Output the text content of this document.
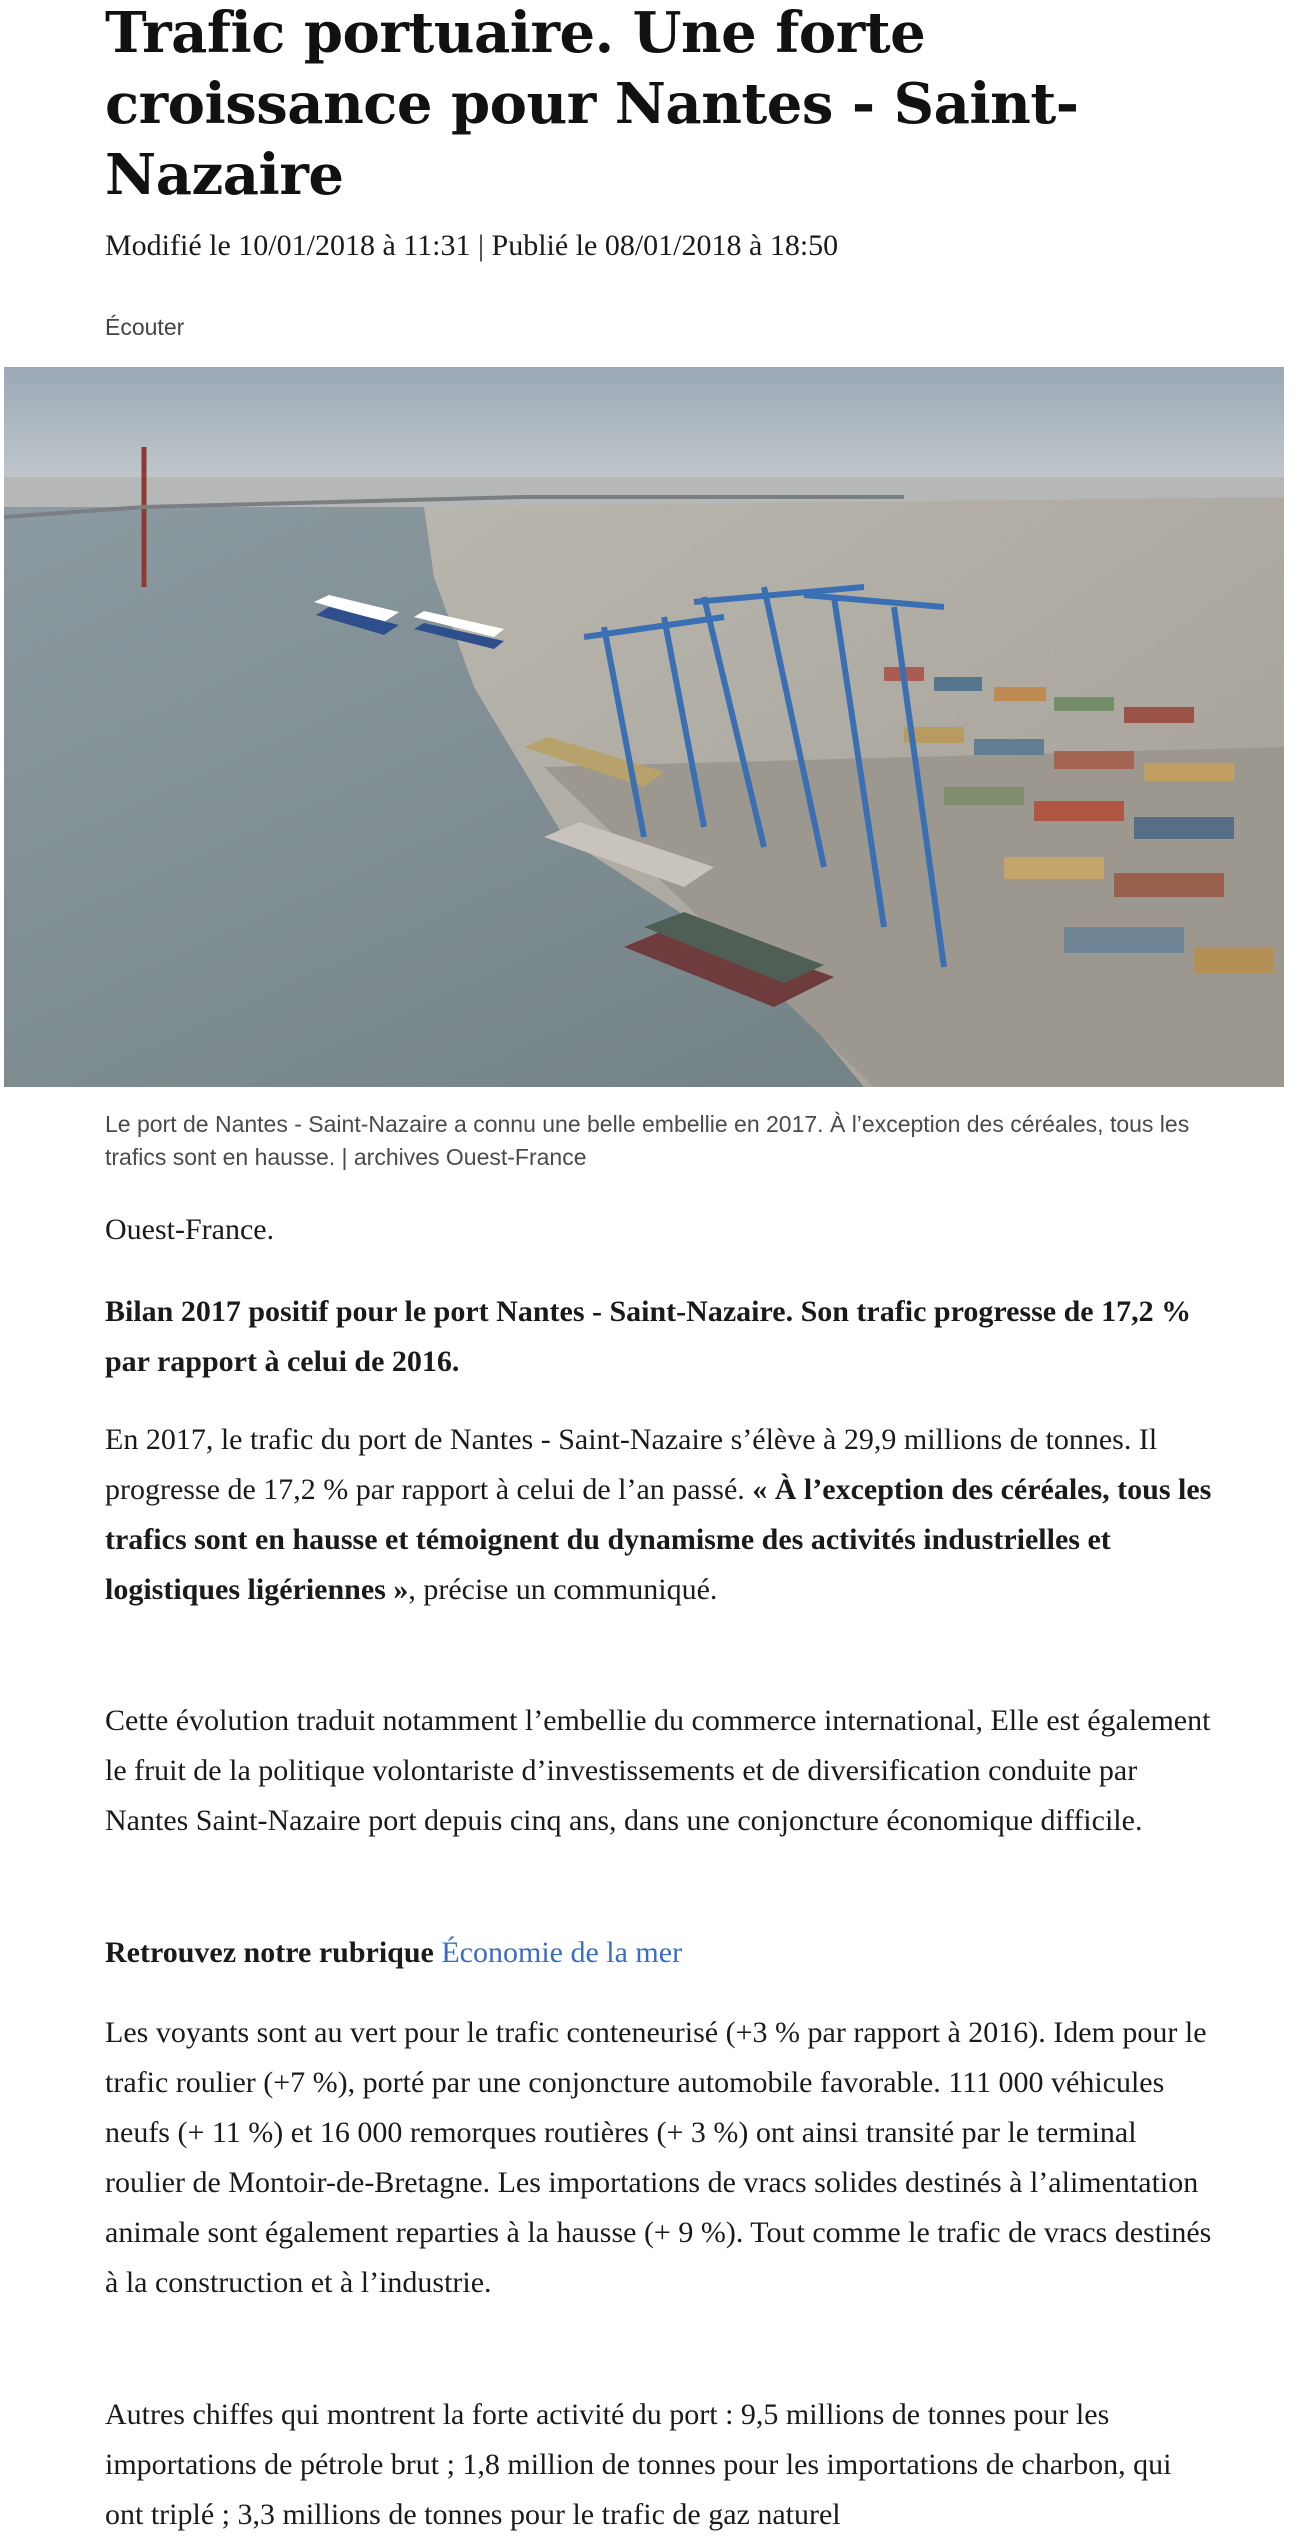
Trafic portuaire. Une forte croissance pour Nantes - Saint-Nazaire

Modifié le 10/01/2018 à 11:31 | Publié le 08/01/2018 à 18:50

Écouter

Le port de Nantes - Saint-Nazaire a connu une belle embellie en 2017. À l’exception des céréales, tous les trafics sont en hausse. | archives Ouest-France

Ouest-France.

Bilan 2017 positif pour le port Nantes - Saint-Nazaire. Son trafic progresse de 17,2 % par rapport à celui de 2016.

En 2017, le trafic du port de Nantes - Saint-Nazaire s’élève à 29,9 millions de tonnes. Il progresse de 17,2 % par rapport à celui de l’an passé. « À l’exception des céréales, tous les trafics sont en hausse et témoignent du dynamisme des activités industrielles et logistiques ligériennes », précise un communiqué.

Cette évolution traduit notamment l’embellie du commerce international, Elle est également le fruit de la politique volontariste d’investissements et de diversification conduite par Nantes Saint-Nazaire port depuis cinq ans, dans une conjoncture économique difficile.

Retrouvez notre rubrique Économie de la mer

Les voyants sont au vert pour le trafic conteneurisé (+3 % par rapport à 2016). Idem pour le trafic roulier (+7 %), porté par une conjoncture automobile favorable. 111 000 véhicules neufs (+ 11 %) et 16 000 remorques routières (+ 3 %) ont ainsi transité par le terminal roulier de Montoir-de-Bretagne. Les importations de vracs solides destinés à l’alimentation animale sont également reparties à la hausse (+ 9 %). Tout comme le trafic de vracs destinés à la construction et à l’industrie.

Autres chiffes qui montrent la forte activité du port : 9,5 millions de tonnes pour les importations de pétrole brut ; 1,8 million de tonnes pour les importations de charbon, qui ont triplé ; 3,3 millions de tonnes pour le trafic de gaz naturel
